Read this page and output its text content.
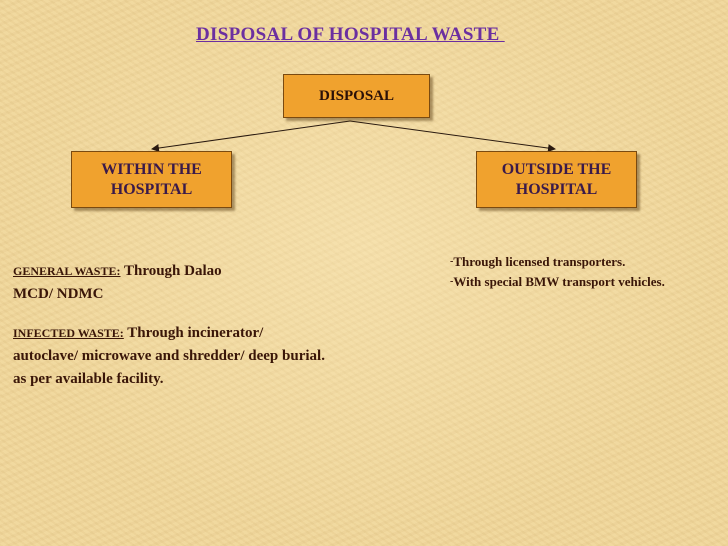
DISPOSAL OF HOSPITAL WASTE
DISPOSAL
WITHIN THE
HOSPITAL
OUTSIDE THE
HOSPITAL
GENERAL WASTE: Through Dalao
MCD/ NDMC
INFECTED WASTE: Through incinerator/
autoclave/ microwave and shredder/ deep burial.
as per available facility.
-Through licensed transporters.
-With special BMW transport vehicles.
